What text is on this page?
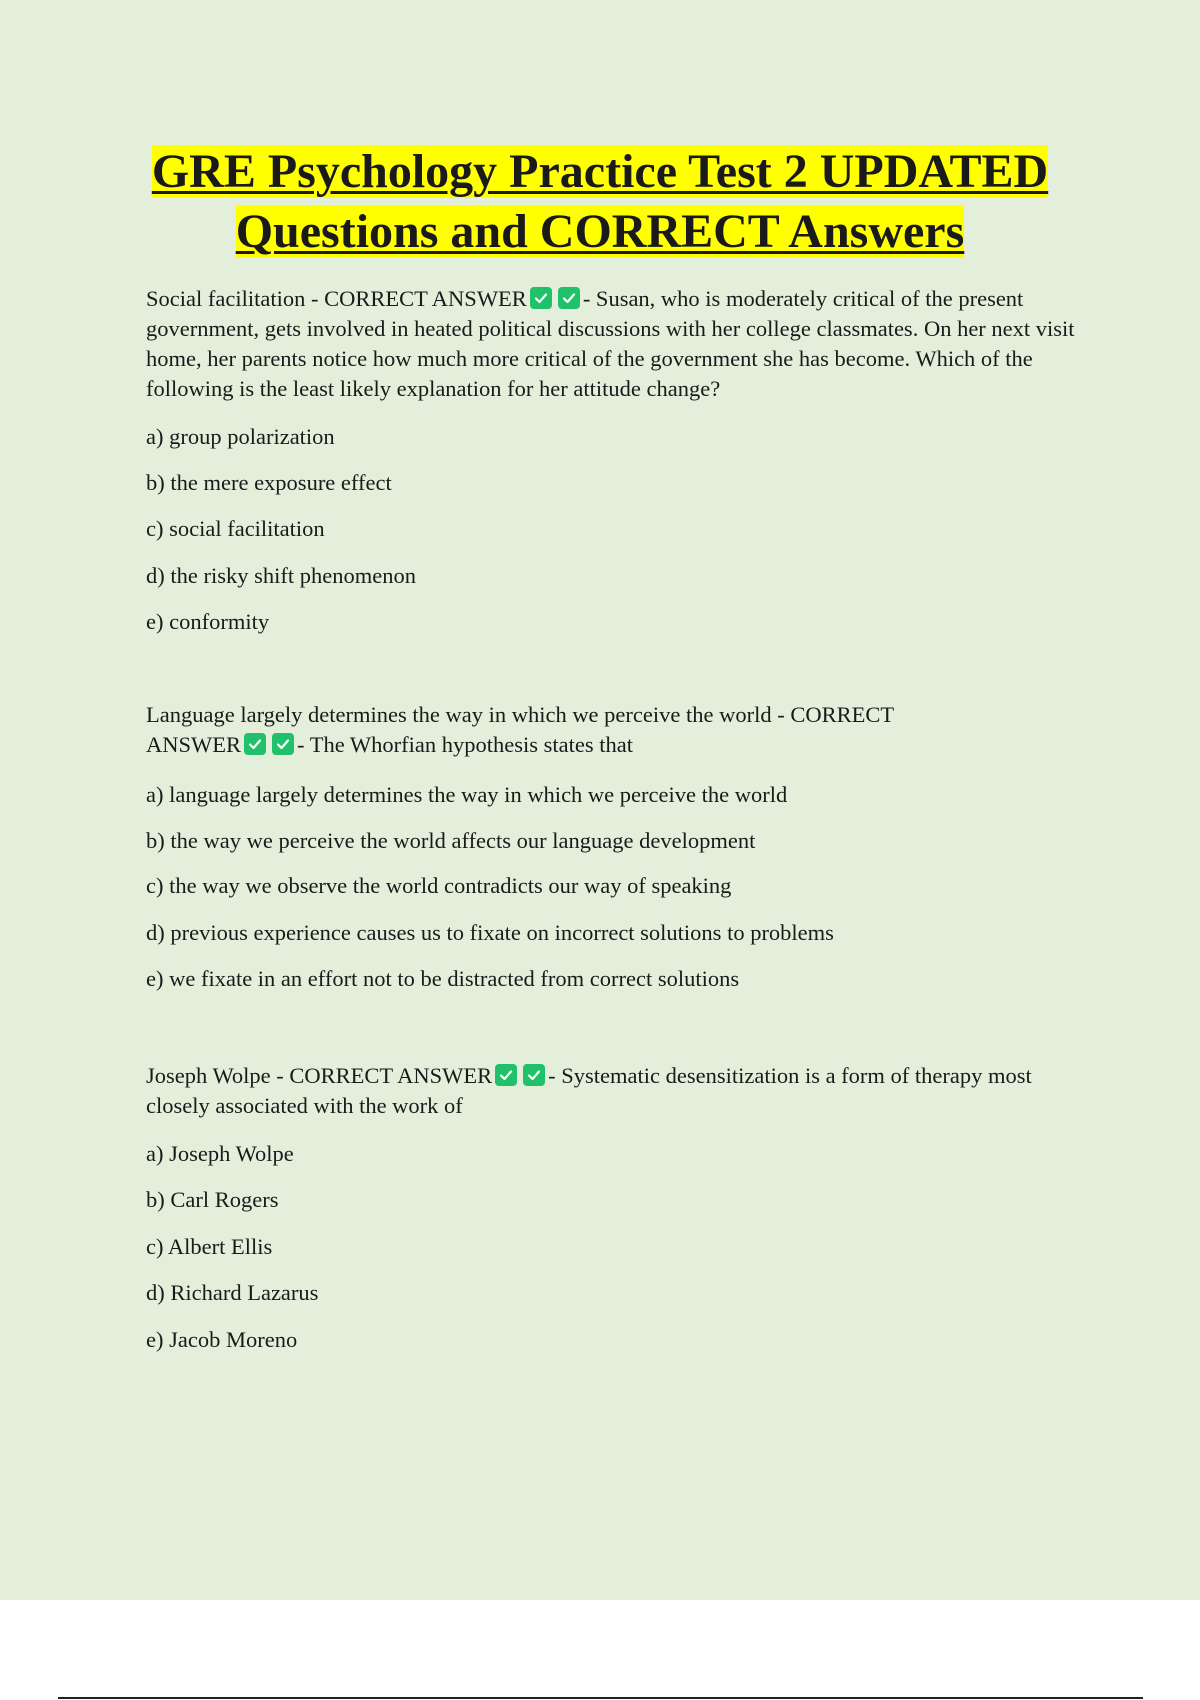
GRE Psychology Practice Test 2 UPDATED
Questions and CORRECT Answers

Social facilitation - CORRECT ANSWER - Susan, who is moderately critical of the present government, gets involved in heated political discussions with her college classmates. On her next visit home, her parents notice how much more critical of the government she has become. Which of the following is the least likely explanation for her attitude change?

a) group polarization

b) the mere exposure effect

c) social facilitation

d) the risky shift phenomenon

e) conformity

Language largely determines the way in which we perceive the world - CORRECT ANSWER - The Whorfian hypothesis states that

a) language largely determines the way in which we perceive the world

b) the way we perceive the world affects our language development

c) the way we observe the world contradicts our way of speaking

d) previous experience causes us to fixate on incorrect solutions to problems

e) we fixate in an effort not to be distracted from correct solutions

Joseph Wolpe - CORRECT ANSWER - Systematic desensitization is a form of therapy most closely associated with the work of

a) Joseph Wolpe

b) Carl Rogers

c) Albert Ellis

d) Richard Lazarus

e) Jacob Moreno
